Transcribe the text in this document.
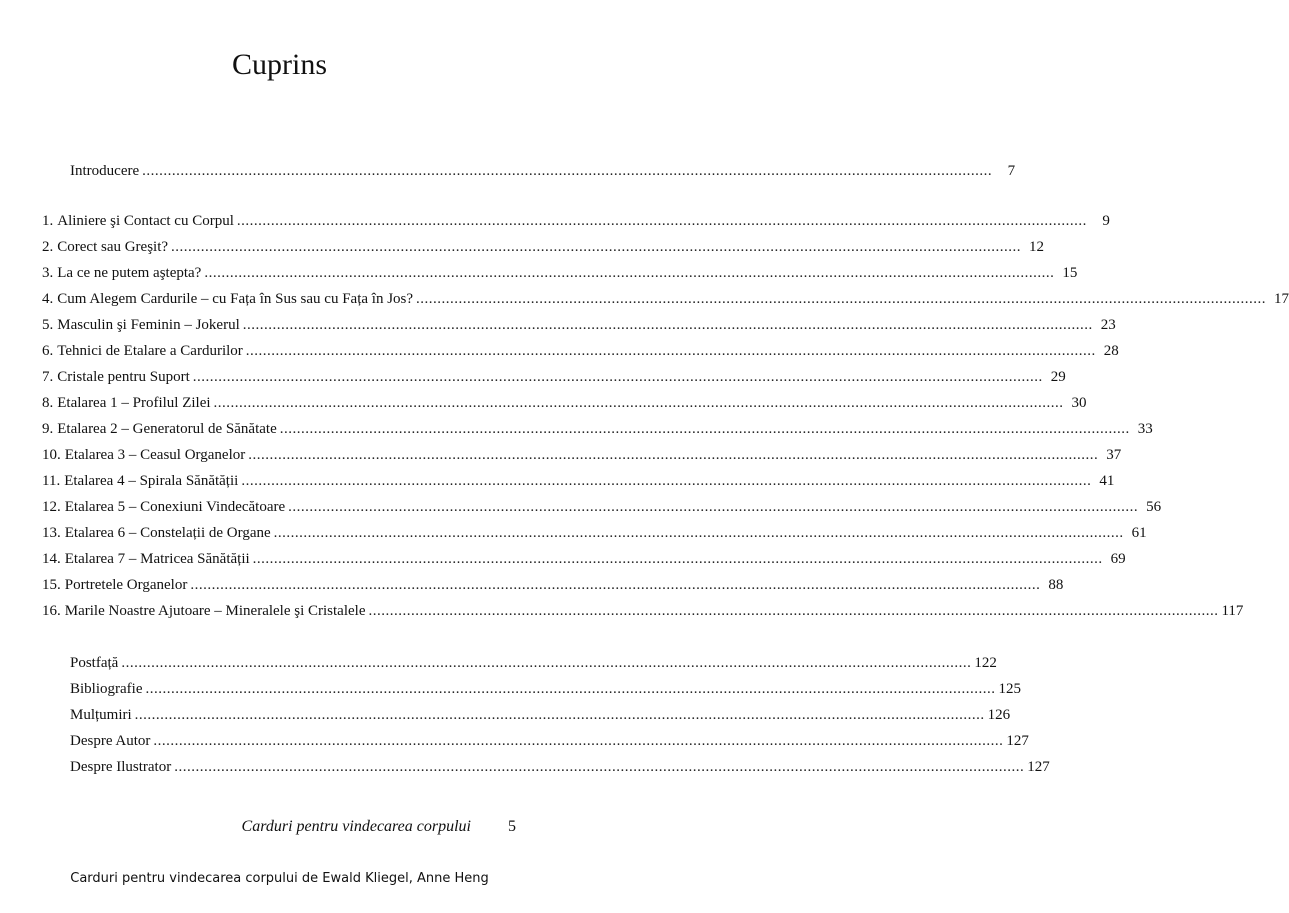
Cuprins
Introducere ........................................................................................................................................................................................................	7
1. Aliniere şi Contact cu Corpul ........................................................................................................................................................................................................	9
2. Corect sau Greşit? ........................................................................................................................................................................................................ 12
3. La ce ne putem aştepta? ........................................................................................................................................................................................................ 15
4. Cum Alegem Cardurile – cu Fața în Sus sau cu Fața în Jos? ........................................................................................................................................................................................................ 17
5. Masculin şi Feminin – Jokerul ........................................................................................................................................................................................................ 23
6. Tehnici de Etalare a Cardurilor ........................................................................................................................................................................................................ 28
7. Cristale pentru Suport ........................................................................................................................................................................................................ 29
8. Etalarea 1 – Profilul Zilei ........................................................................................................................................................................................................ 30
9. Etalarea 2 – Generatorul de Sănătate ........................................................................................................................................................................................................ 33
10. Etalarea 3 – Ceasul Organelor ........................................................................................................................................................................................................ 37
11. Etalarea 4 – Spirala Sănătății ........................................................................................................................................................................................................ 41
12. Etalarea 5 – Conexiuni Vindecătoare ........................................................................................................................................................................................................ 56
13. Etalarea 6 – Constelații de Organe ........................................................................................................................................................................................................ 61
14. Etalarea 7 – Matricea Sănătății ........................................................................................................................................................................................................ 69
15. Portretele Organelor ........................................................................................................................................................................................................ 88
16. Marile Noastre Ajutoare – Mineralele şi Cristalele ........................................................................................................................................................................................................ 117
Postfață ........................................................................................................................................................................................................ 122
Bibliografie ........................................................................................................................................................................................................ 125
Mulțumiri ........................................................................................................................................................................................................ 126
Despre Autor ........................................................................................................................................................................................................ 127
Despre Ilustrator ........................................................................................................................................................................................................ 127
Carduri pentru vindecarea corpului 5
Carduri pentru vindecarea corpului de Ewald Kliegel, Anne Heng
